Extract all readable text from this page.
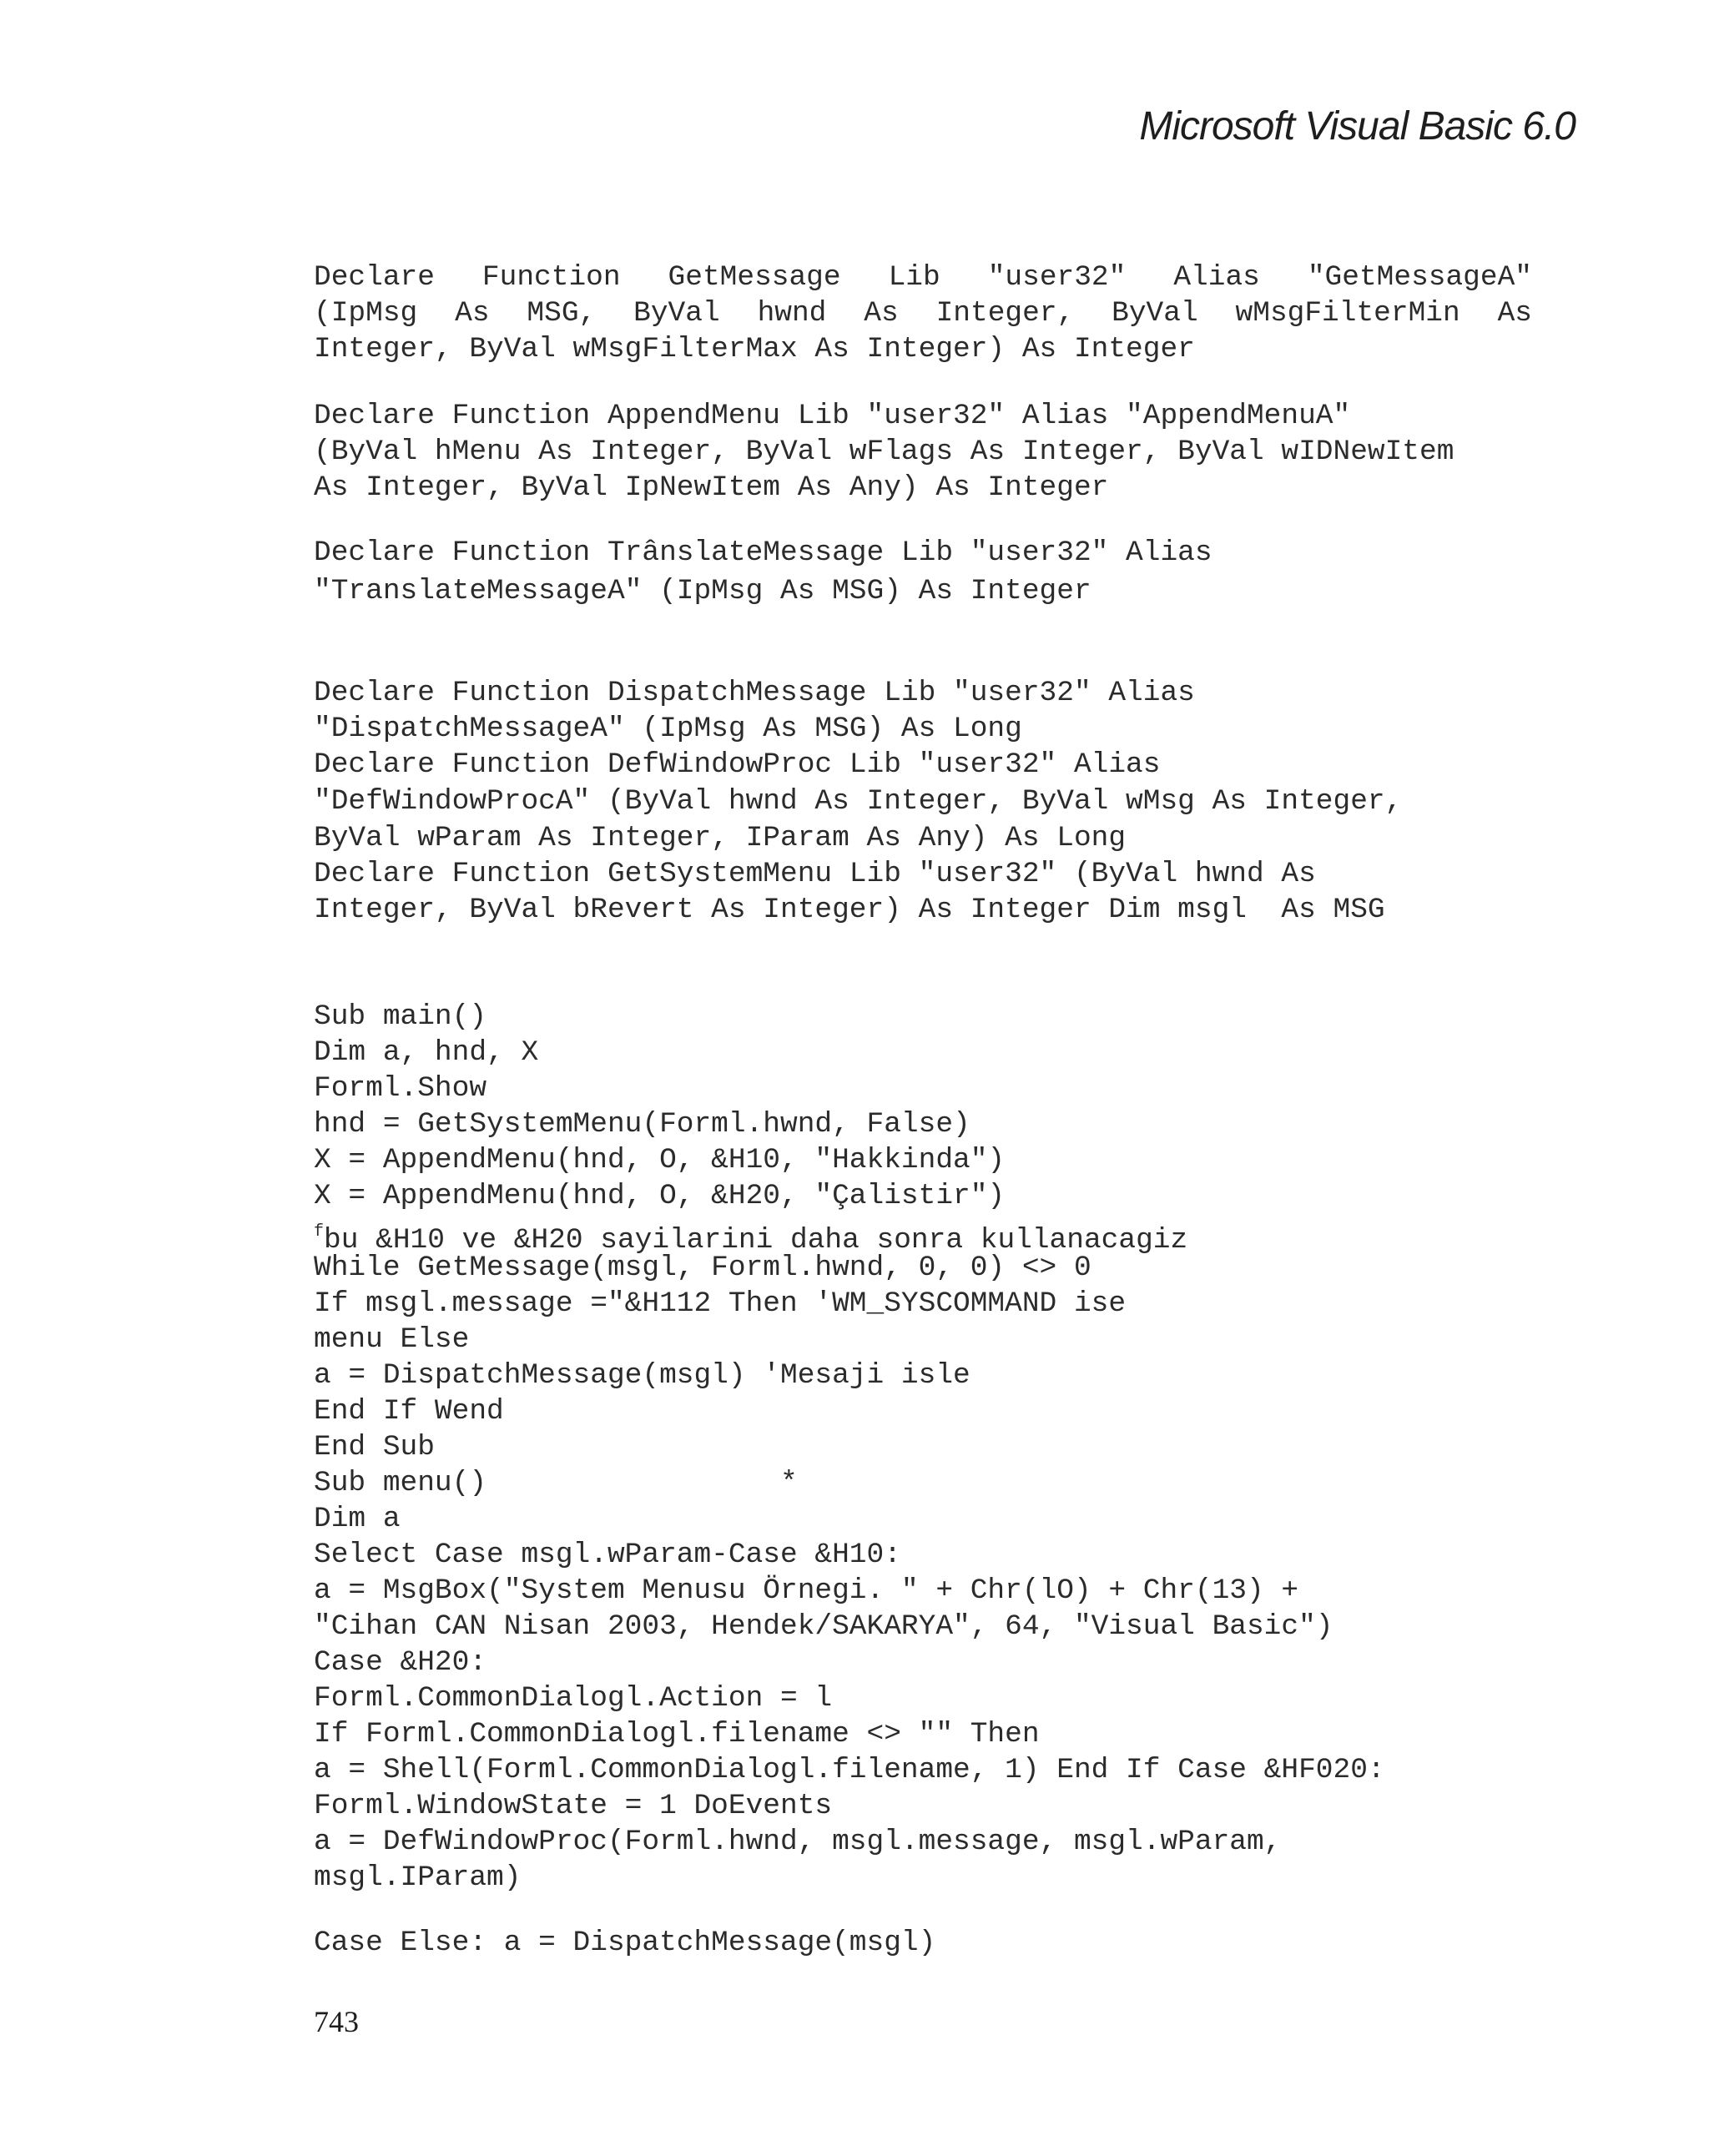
Microsoft Visual Basic 6.0
Declare Function GetMessage Lib "user32" Alias "GetMessageA"
(IpMsg As MSG, ByVal hwnd As Integer, ByVal wMsgFilterMin As
Integer, ByVal wMsgFilterMax As Integer) As Integer
Declare Function AppendMenu Lib "user32" Alias "AppendMenuA"
(ByVal hMenu As Integer, ByVal wFlags As Integer, ByVal wIDNewItem
As Integer, ByVal IpNewItem As Any) As Integer
Declare Function TrânslateMessage Lib "user32" Alias
"TranslateMessageA" (IpMsg As MSG) As Integer
Declare Function DispatchMessage Lib "user32" Alias
"DispatchMessageA" (IpMsg As MSG) As Long
Declare Function DefWindowProc Lib "user32" Alias
"DefWindowProcA" (ByVal hwnd As Integer, ByVal wMsg As Integer,
ByVal wParam As Integer, IParam As Any) As Long
Declare Function GetSystemMenu Lib "user32" (ByVal hwnd As
Integer, ByVal bRevert As Integer) As Integer Dim msgl  As MSG
Sub main()
Dim a, hnd, X
Forml.Show
hnd = GetSystemMenu(Forml.hwnd, False)
X = AppendMenu(hnd, O, &H10, "Hakkinda")
X = AppendMenu(hnd, O, &H20, "Çalistir")
$^f$bu &H10 ve &H20 sayilarini daha sonra kullanacagiz
While GetMessage(msgl, Forml.hwnd, 0, 0) <> 0
If msgl.message ="&H112 Then 'WM_SYSCOMMAND ise
menu Else
a = DispatchMessage(msgl) 'Mesaji isle
End If Wend
End Sub
Sub menu()                 *
Dim a
Select Case msgl.wParam-Case &H10:
a = MsgBox("System Menusu Örnegi. " + Chr(lO) + Chr(13) +
"Cihan CAN Nisan 2003, Hendek/SAKARYA", 64, "Visual Basic")
Case &H20:
Forml.CommonDialogl.Action = l
If Forml.CommonDialogl.filename <> "" Then
a = Shell(Forml.CommonDialogl.filename, 1) End If Case &HF020:
Forml.WindowState = 1 DoEvents
a = DefWindowProc(Forml.hwnd, msgl.message, msgl.wParam,
msgl.IParam)
Case Else: a = DispatchMessage(msgl)
743
